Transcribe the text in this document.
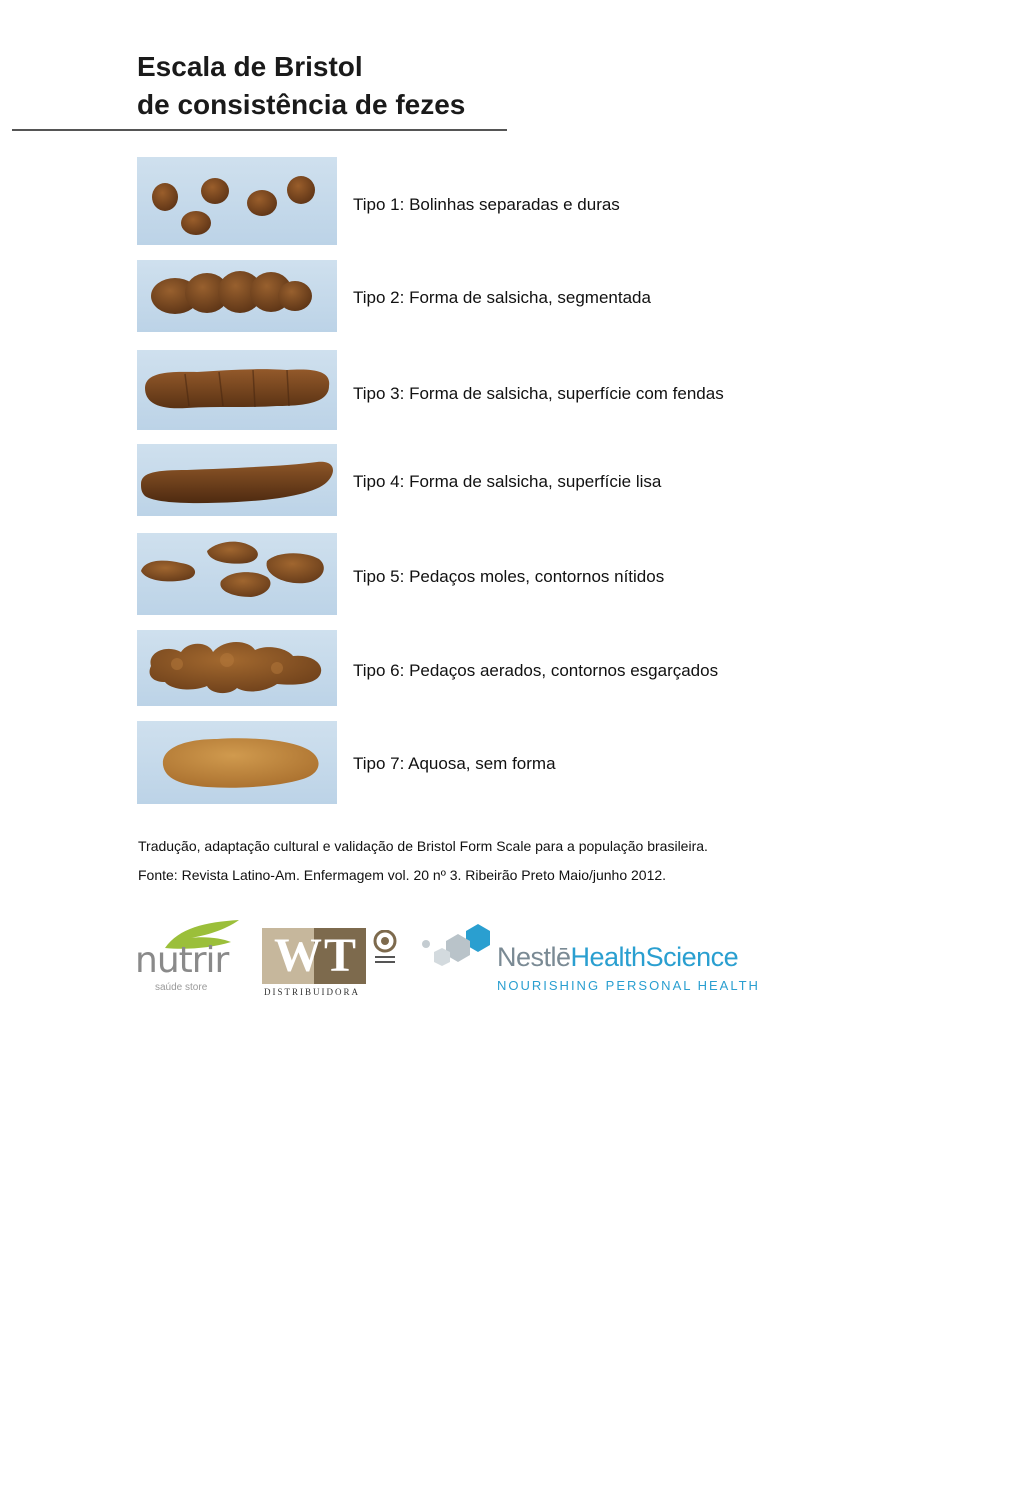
Escala de Bristol
de consistência de fezes
Tipo 1: Bolinhas separadas e duras
Tipo 2: Forma de salsicha, segmentada
Tipo 3: Forma de salsicha, superfície com fendas
Tipo 4: Forma de salsicha, superfície lisa
Tipo 5: Pedaços moles, contornos nítidos
Tipo 6: Pedaços aerados, contornos esgarçados
Tipo 7: Aquosa, sem forma
Tradução, adaptação cultural e validação de Bristol Form Scale para a população brasileira.
Fonte: Revista Latino-Am. Enfermagem vol. 20 nº 3. Ribeirão Preto Maio/junho 2012.
nutrir
saúde store
WT
DISTRIBUIDORA
NestlēHealthScience
NOURISHING PERSONAL HEALTH
